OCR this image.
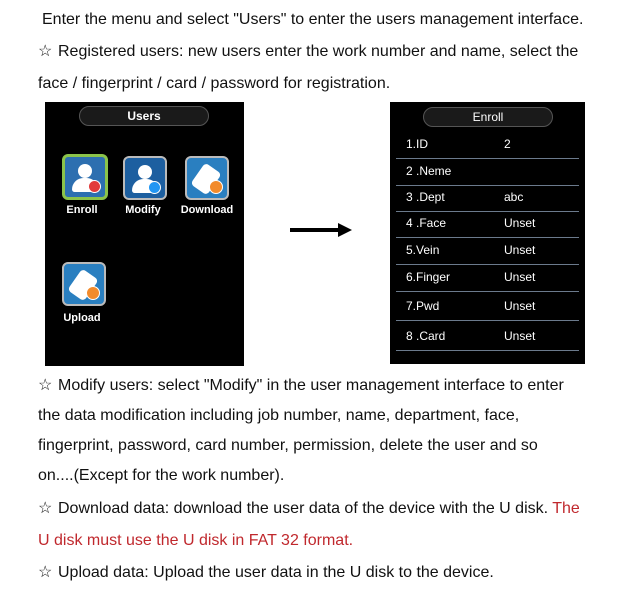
Enter the menu and select "Users" to enter the users management interface.
☆ Registered users: new users enter the work number and name, select the
face / fingerprint / card / password for registration.
Users
Enroll	Modify	Download
Upload
Enroll
1.ID	2
2 .Neme
3 .Dept	abc
4 .Face	Unset
5.Vein	Unset
6.Finger	Unset
7.Pwd	Unset
8 .Card	Unset
☆ Modify users: select "Modify" in the user management interface to enter
the data modification including job number, name, department, face,
fingerprint, password, card number, permission, delete the user and so
on....(Except for the work number).
☆ Download data: download the user data of the device with the U disk. The
U disk must use the U disk in FAT 32 format.
☆ Upload data: Upload the user data in the U disk to the device.
